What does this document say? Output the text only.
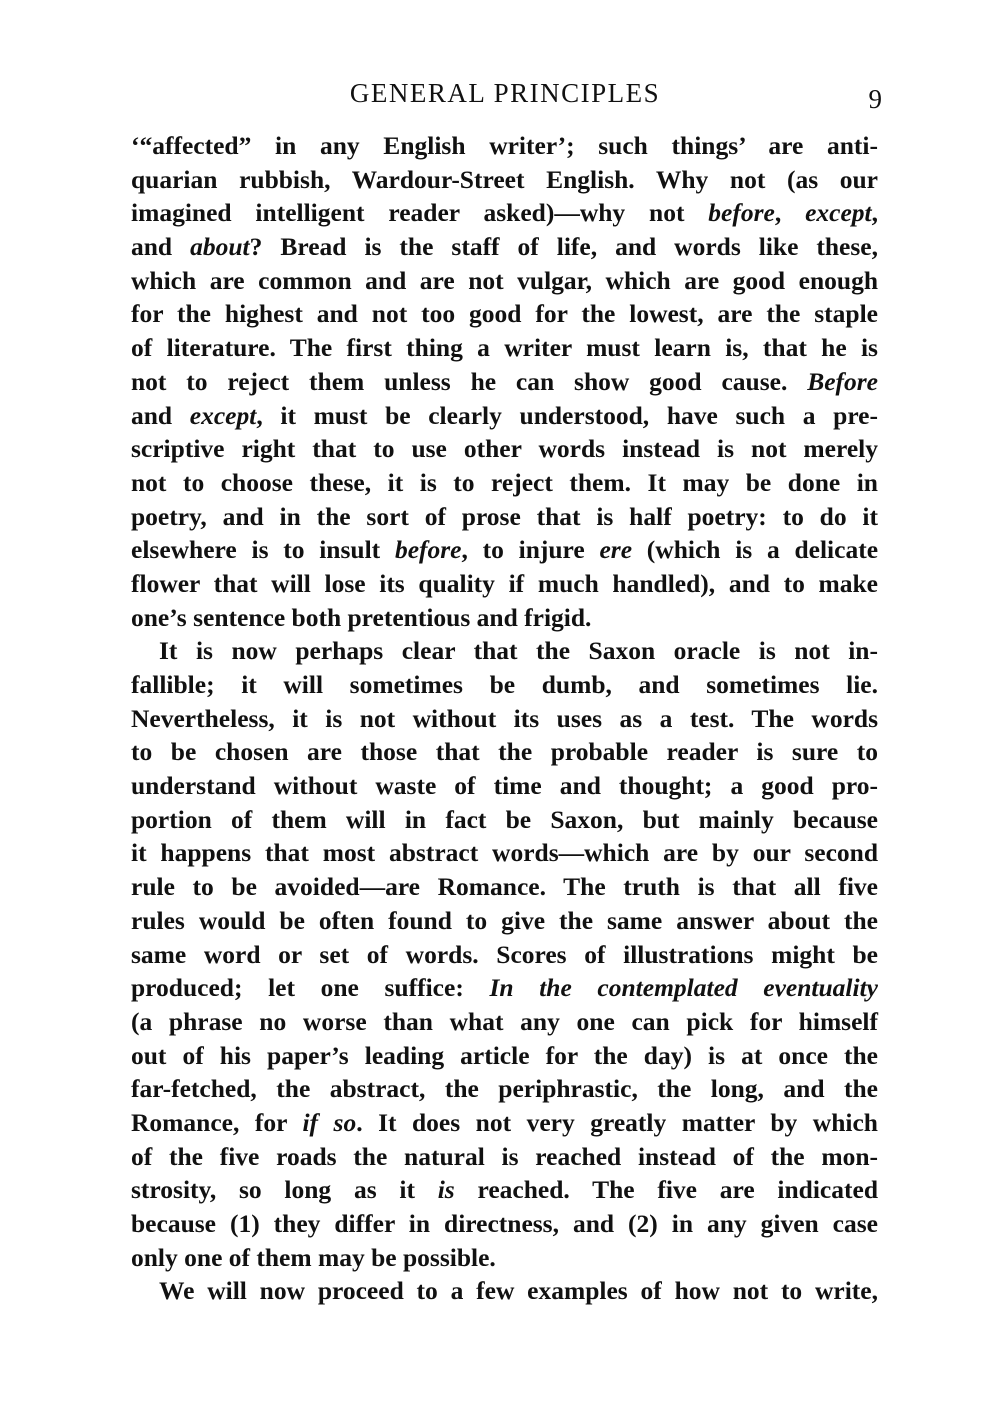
GENERAL PRINCIPLES	9
‘“affected” in any English writer’; such things’ are anti-
quarian rubbish, Wardour-Street English. Why not (as our
imagined intelligent reader asked)—why not before, except,
and about? Bread is the staff of life, and words like these,
which are common and are not vulgar, which are good enough
for the highest and not too good for the lowest, are the staple
of literature. The first thing a writer must learn is, that he is
not to reject them unless he can show good cause. Before
and except, it must be clearly understood, have such a pre-
scriptive right that to use other words instead is not merely
not to choose these, it is to reject them. It may be done in
poetry, and in the sort of prose that is half poetry: to do it
elsewhere is to insult before, to injure ere (which is a delicate
flower that will lose its quality if much handled), and to make
one’s sentence both pretentious and frigid.
It is now perhaps clear that the Saxon oracle is not in-
fallible; it will sometimes be dumb, and sometimes lie.
Nevertheless, it is not without its uses as a test. The words
to be chosen are those that the probable reader is sure to
understand without waste of time and thought; a good pro-
portion of them will in fact be Saxon, but mainly because
it happens that most abstract words—which are by our second
rule to be avoided—are Romance. The truth is that all five
rules would be often found to give the same answer about the
same word or set of words. Scores of illustrations might be
produced; let one suffice: In the contemplated eventuality
(a phrase no worse than what any one can pick for himself
out of his paper’s leading article for the day) is at once the
far-fetched, the abstract, the periphrastic, the long, and the
Romance, for if so. It does not very greatly matter by which
of the five roads the natural is reached instead of the mon-
strosity, so long as it is reached. The five are indicated
because (1) they differ in directness, and (2) in any given case
only one of them may be possible.
We will now proceed to a few examples of how not to write,
